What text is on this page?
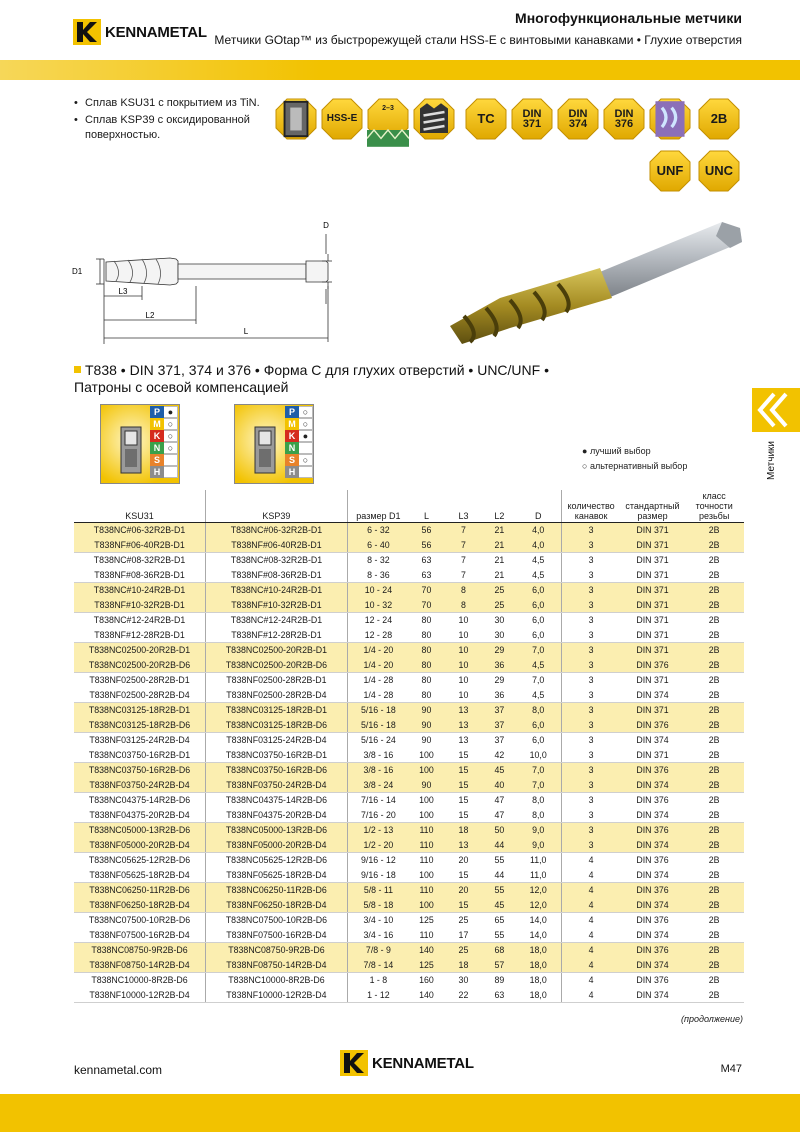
KENNAMETAL
Многофункциональные метчики
Метчики GOtap™ из быстрорежущей стали HSS-E с винтовыми канавками • Глухие отверстия
• Сплав KSU31 с покрытием из TiN.
• Сплав KSP39 с оксидированной поверхностью.
HSS-E
2–3
TC	DIN 371
DIN 374
DIN 376	2B
UNF	UNC
D
D1
L3
L2
L
T838 • DIN 371, 374 и 376 • Форма С для глухих отверстий • UNC/UNF • Патроны с осевой компенсацией
P ●
M ○
K ○
N ○
S
H
P ○
M ○
K ●
N
S ○
H
● лучший выбор
○ альтернативный выбор	Метчики
KSU31	KSP39	размер D1	L	L3	L2	D	количество канавок	стандартный размер	класс точности резьбы
T838NC#06-32R2B-D1	T838NC#06-32R2B-D1	6 - 32	56	7	21	4,0	3	DIN 371	2B
T838NF#06-40R2B-D1	T838NF#06-40R2B-D1	6 - 40	56	7	21	4,0	3	DIN 371	2B
T838NC#08-32R2B-D1	T838NC#08-32R2B-D1	8 - 32	63	7	21	4,5	3	DIN 371	2B
T838NF#08-36R2B-D1	T838NF#08-36R2B-D1	8 - 36	63	7	21	4,5	3	DIN 371	2B
T838NC#10-24R2B-D1	T838NC#10-24R2B-D1	10 - 24	70	8	25	6,0	3	DIN 371	2B
T838NF#10-32R2B-D1	T838NF#10-32R2B-D1	10 - 32	70	8	25	6,0	3	DIN 371	2B
T838NC#12-24R2B-D1	T838NC#12-24R2B-D1	12 - 24	80	10	30	6,0	3	DIN 371	2B
T838NF#12-28R2B-D1	T838NF#12-28R2B-D1	12 - 28	80	10	30	6,0	3	DIN 371	2B
T838NC02500-20R2B-D1	T838NC02500-20R2B-D1	1/4 - 20	80	10	29	7,0	3	DIN 371	2B
T838NC02500-20R2B-D6	T838NC02500-20R2B-D6	1/4 - 20	80	10	36	4,5	3	DIN 376	2B
T838NF02500-28R2B-D1	T838NF02500-28R2B-D1	1/4 - 28	80	10	29	7,0	3	DIN 371	2B
T838NF02500-28R2B-D4	T838NF02500-28R2B-D4	1/4 - 28	80	10	36	4,5	3	DIN 374	2B
T838NC03125-18R2B-D1	T838NC03125-18R2B-D1	5/16 - 18	90	13	37	8,0	3	DIN 371	2B
T838NC03125-18R2B-D6	T838NC03125-18R2B-D6	5/16 - 18	90	13	37	6,0	3	DIN 376	2B
T838NF03125-24R2B-D4	T838NF03125-24R2B-D4	5/16 - 24	90	13	37	6,0	3	DIN 374	2B
T838NC03750-16R2B-D1	T838NC03750-16R2B-D1	3/8 - 16	100	15	42	10,0	3	DIN 371	2B
T838NC03750-16R2B-D6	T838NC03750-16R2B-D6	3/8 - 16	100	15	45	7,0	3	DIN 376	2B
T838NF03750-24R2B-D4	T838NF03750-24R2B-D4	3/8 - 24	90	15	40	7,0	3	DIN 374	2B
T838NC04375-14R2B-D6	T838NC04375-14R2B-D6	7/16 - 14	100	15	47	8,0	3	DIN 376	2B
T838NF04375-20R2B-D4	T838NF04375-20R2B-D4	7/16 - 20	100	15	47	8,0	3	DIN 374	2B
T838NC05000-13R2B-D6	T838NC05000-13R2B-D6	1/2 - 13	110	18	50	9,0	3	DIN 376	2B
T838NF05000-20R2B-D4	T838NF05000-20R2B-D4	1/2 - 20	110	13	44	9,0	3	DIN 374	2B
T838NC05625-12R2B-D6	T838NC05625-12R2B-D6	9/16 - 12	110	20	55	11,0	4	DIN 376	2B
T838NF05625-18R2B-D4	T838NF05625-18R2B-D4	9/16 - 18	100	15	44	11,0	4	DIN 374	2B
T838NC06250-11R2B-D6	T838NC06250-11R2B-D6	5/8 - 11	110	20	55	12,0	4	DIN 376	2B
T838NF06250-18R2B-D4	T838NF06250-18R2B-D4	5/8 - 18	100	15	45	12,0	4	DIN 374	2B
T838NC07500-10R2B-D6	T838NC07500-10R2B-D6	3/4 - 10	125	25	65	14,0	4	DIN 376	2B
T838NF07500-16R2B-D4	T838NF07500-16R2B-D4	3/4 - 16	110	17	55	14,0	4	DIN 374	2B
T838NC08750-9R2B-D6	T838NC08750-9R2B-D6	7/8 - 9	140	25	68	18,0	4	DIN 376	2B
T838NF08750-14R2B-D4	T838NF08750-14R2B-D4	7/8 - 14	125	18	57	18,0	4	DIN 374	2B
T838NC10000-8R2B-D6	T838NC10000-8R2B-D6	1 - 8	160	30	89	18,0	4	DIN 376	2B
T838NF10000-12R2B-D4	T838NF10000-12R2B-D4	1 - 12	140	22	63	18,0	4	DIN 374	2B
(продолжение)
kennametal.com	KENNAMETAL	M47
